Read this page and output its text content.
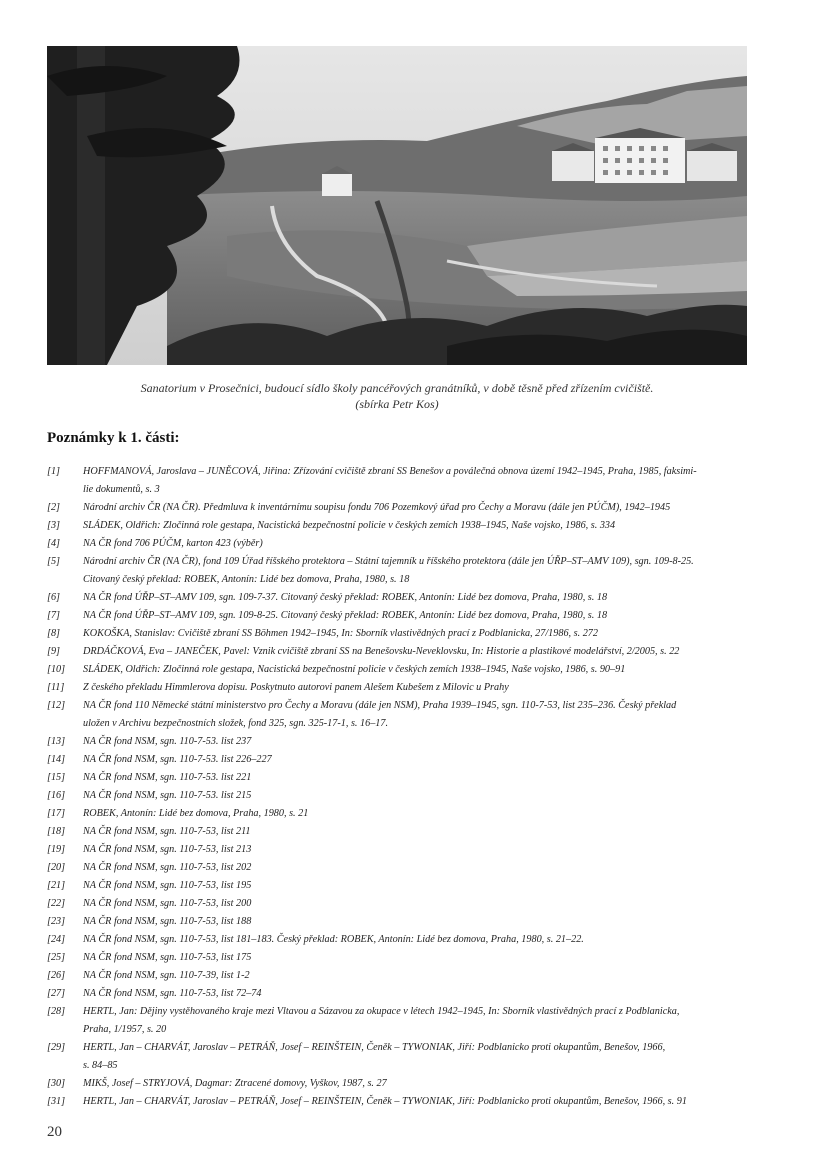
Sanatorium v Prosečnici, budoucí sídlo školy pancéřových granátníků, v době těsně před zřízením cvičiště.
(sbírka Petr Kos)
Poznámky k 1. části:
[1]	HOFFMANOVÁ, Jaroslava – JUNĚCOVÁ, Jiřina: Zřízování cvičiště zbraní SS Benešov a poválečná obnova území 1942–1945, Praha, 1985, faksimi-
lie dokumentů, s. 3
[2]	Národní archiv ČR (NA ČR). Předmluva k inventárnímu soupisu fondu 706 Pozemkový úřad pro Čechy a Moravu (dále jen PÚČM), 1942–1945
[3]	SLÁDEK, Oldřich: Zločinná role gestapa, Nacistická bezpečnostní policie v českých zemích 1938–1945, Naše vojsko, 1986, s. 334
[4]	NA ČR fond 706 PÚČM, karton 423 (výběr)
[5]	Národní archiv ČR (NA ČR), fond 109 Úřad říšského protektora – Státní tajemník u říšského protektora (dále jen ÚŘP–ST–AMV 109), sgn. 109-8-25.
Citovaný český překlad: ROBEK, Antonín: Lidé bez domova, Praha, 1980, s. 18
[6]	NA ČR fond ÚŘP–ST–AMV 109, sgn. 109-7-37. Citovaný český překlad: ROBEK, Antonín: Lidé bez domova, Praha, 1980, s. 18
[7]	NA ČR fond ÚŘP–ST–AMV 109, sgn. 109-8-25. Citovaný český překlad: ROBEK, Antonín: Lidé bez domova, Praha, 1980, s. 18
[8]	KOKOŠKA, Stanislav: Cvičiště zbraní SS Böhmen 1942–1945, In: Sborník vlastivědných prací z Podblanicka, 27/1986, s. 272
[9]	DRDÁČKOVÁ, Eva – JANEČEK, Pavel: Vznik cvičiště zbraní SS na Benešovsku-Neveklovsku, In: Historie a plastikové modelářství, 2/2005, s. 22
[10]	SLÁDEK, Oldřich: Zločinná role gestapa, Nacistická bezpečnostní policie v českých zemích 1938–1945, Naše vojsko, 1986, s. 90–91
[11]	Z českého překladu Himmlerova dopisu. Poskytnuto autorovi panem Alešem Kubešem z Milovic u Prahy
[12]	NA ČR fond 110 Německé státní ministerstvo pro Čechy a Moravu (dále jen NSM), Praha 1939–1945, sgn. 110-7-53, list 235–236. Český překlad
uložen v Archivu bezpečnostních složek, fond 325, sgn. 325-17-1, s. 16–17.
[13]	NA ČR fond NSM, sgn. 110-7-53. list 237
[14]	NA ČR fond NSM, sgn. 110-7-53. list 226–227
[15]	NA ČR fond NSM, sgn. 110-7-53. list 221
[16]	NA ČR fond NSM, sgn. 110-7-53. list 215
[17]	ROBEK, Antonín: Lidé bez domova, Praha, 1980, s. 21
[18]	NA ČR fond NSM, sgn. 110-7-53, list 211
[19]	NA ČR fond NSM, sgn. 110-7-53, list 213
[20]	NA ČR fond NSM, sgn. 110-7-53, list 202
[21]	NA ČR fond NSM, sgn. 110-7-53, list 195
[22]	NA ČR fond NSM, sgn. 110-7-53, list 200
[23]	NA ČR fond NSM, sgn. 110-7-53, list 188
[24]	NA ČR fond NSM, sgn. 110-7-53, list 181–183. Český překlad: ROBEK, Antonín: Lidé bez domova, Praha, 1980, s. 21–22.
[25]	NA ČR fond NSM, sgn. 110-7-53, list 175
[26]	NA ČR fond NSM, sgn. 110-7-39, list 1-2
[27]	NA ČR fond NSM, sgn. 110-7-53, list 72–74
[28]	HERTL, Jan: Dějiny vystěhovaného kraje mezi Vltavou a Sázavou za okupace v létech 1942–1945, In: Sborník vlastivědných prací z Podblanicka,
Praha, 1/1957, s. 20
[29]	HERTL, Jan – CHARVÁT, Jaroslav – PETRÁŇ, Josef – REINŠTEIN, Čeněk – TYWONIAK, Jiří: Podblanicko proti okupantům, Benešov, 1966,
s. 84–85
[30]	MIKŠ, Josef – STRYJOVÁ, Dagmar: Ztracené domovy, Vyškov, 1987, s. 27
[31]	HERTL, Jan – CHARVÁT, Jaroslav – PETRÁŇ, Josef – REINŠTEIN, Čeněk – TYWONIAK, Jiří: Podblanicko proti okupantům, Benešov, 1966, s. 91
20
